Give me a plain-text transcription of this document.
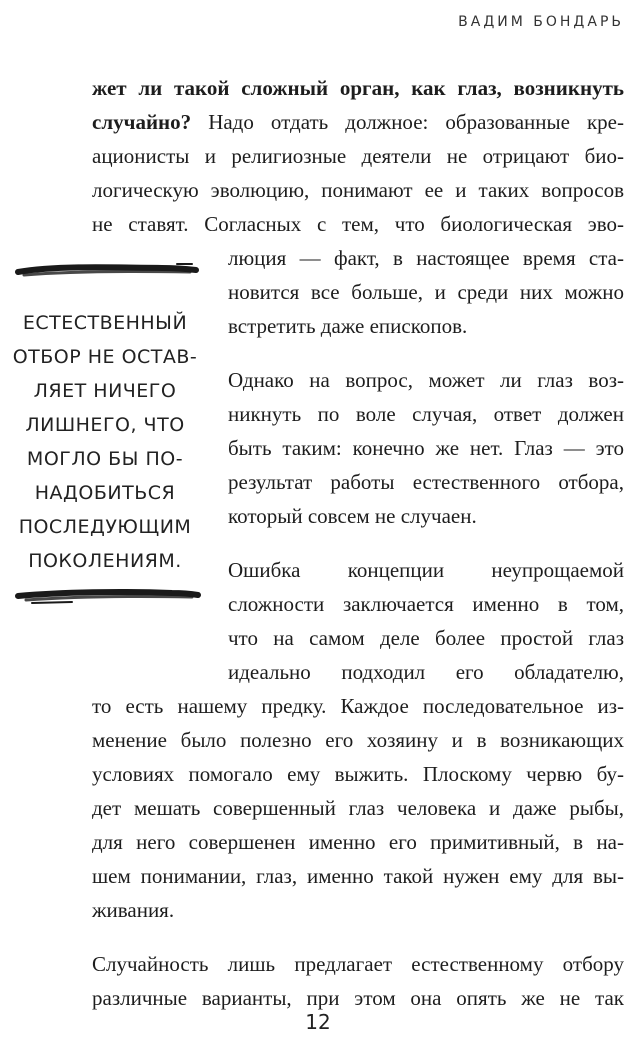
ВАДИМ БОНДАРЬ
ЕСТЕСТВЕННЫЙ
ОТБОР НЕ ОСТАВ-
ЛЯЕТ НИЧЕГО
ЛИШНЕГО, ЧТО
МОГЛО БЫ ПО-
НАДОБИТЬСЯ
ПОСЛЕДУЮЩИМ
ПОКОЛЕНИЯМ.
жет ли такой сложный орган, как глаз, возникнуть
случайно? Надо отдать должное: образованные кре-
ационисты и религиозные деятели не отрицают био-
логическую эволюцию, понимают ее и таких вопросов
не ставят. Согласных с тем, что биологическая эво-
люция — факт, в настоящее время ста-
новится все больше, и среди них можно
встретить даже епископов.
Однако на вопрос, может ли глаз воз-
никнуть по воле случая, ответ должен
быть таким: конечно же нет. Глаз — это
результат работы естественного отбора,
который совсем не случаен.
Ошибка концепции неупрощаемой
сложности заключается именно в том,
что на самом деле более простой глаз
идеально подходил его обладателю,
то есть нашему предку. Каждое последовательное из-
менение было полезно его хозяину и в возникающих
условиях помогало ему выжить. Плоскому червю бу-
дет мешать совершенный глаз человека и даже рыбы,
для него совершенен именно его примитивный, в на-
шем понимании, глаз, именно такой нужен ему для вы-
живания.
Случайность лишь предлагает естественному отбору
различные варианты, при этом она опять же не так
12
